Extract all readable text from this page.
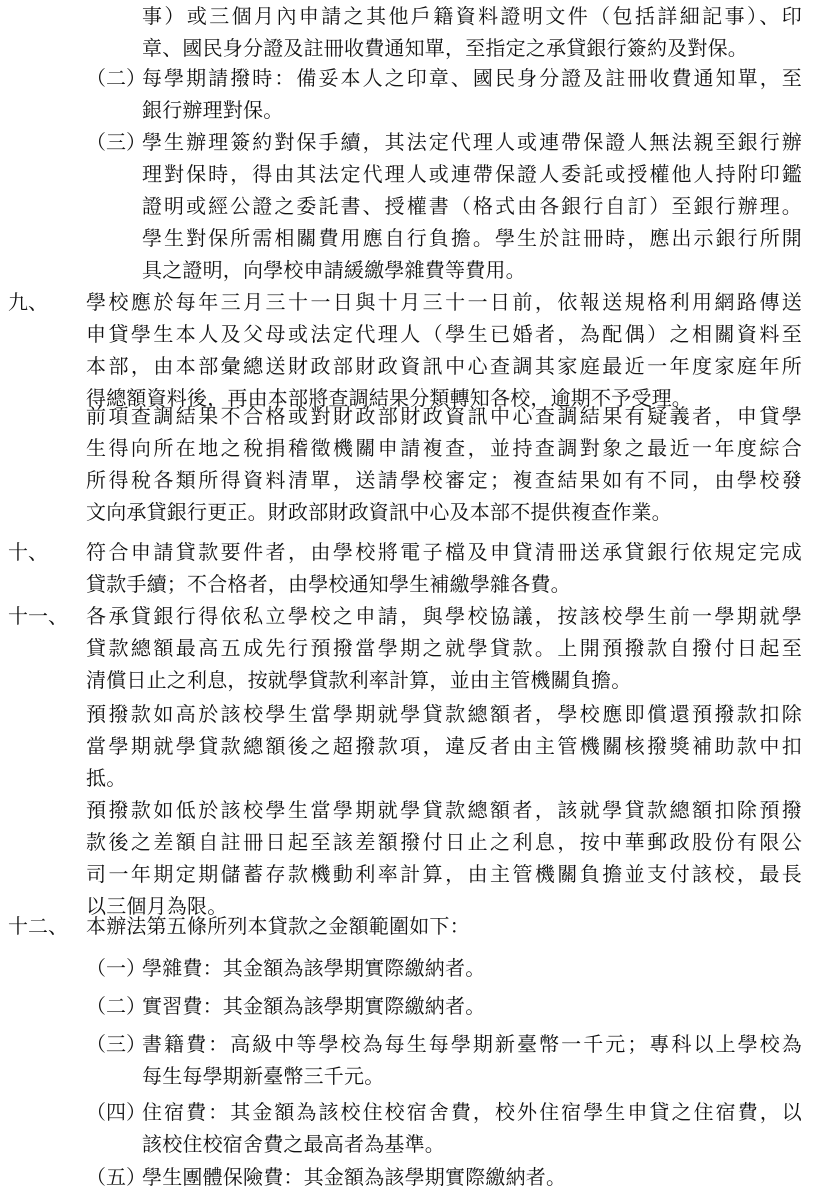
事）或三個月內申請之其他戶籍資料證明文件（包括詳細記事）、印
章、國民身分證及註冊收費通知單，至指定之承貸銀行簽約及對保。
（二）
每學期請撥時：備妥本人之印章、國民身分證及註冊收費通知單，至
銀行辦理對保。
（三）
學生辦理簽約對保手續，其法定代理人或連帶保證人無法親至銀行辦
理對保時，得由其法定代理人或連帶保證人委託或授權他人持附印鑑
證明或經公證之委託書、授權書（格式由各銀行自訂）至銀行辦理。
學生對保所需相關費用應自行負擔。學生於註冊時，應出示銀行所開
具之證明，向學校申請緩繳學雜費等費用。
九、 學校應於每年三月三十一日與十月三十一日前，依報送規格利用網路傳送
申貸學生本人及父母或法定代理人（學生已婚者，為配偶）之相關資料至
本部，由本部彙總送財政部財政資訊中心查調其家庭最近一年度家庭年所
得總額資料後，再由本部將查調結果分類轉知各校，逾期不予受理。
前項查調結果不合格或對財政部財政資訊中心查調結果有疑義者，申貸學
生得向所在地之稅捐稽徵機關申請複查，並持查調對象之最近一年度綜合
所得稅各類所得資料清單，送請學校審定；複查結果如有不同，由學校發
文向承貸銀行更正。財政部財政資訊中心及本部不提供複查作業。
十、 符合申請貸款要件者，由學校將電子檔及申貸清冊送承貸銀行依規定完成
貸款手續；不合格者，由學校通知學生補繳學雜各費。
十一、 各承貸銀行得依私立學校之申請，與學校協議，按該校學生前一學期就學
貸款總額最高五成先行預撥當學期之就學貸款。上開預撥款自撥付日起至
清償日止之利息，按就學貸款利率計算，並由主管機關負擔。
預撥款如高於該校學生當學期就學貸款總額者，學校應即償還預撥款扣除
當學期就學貸款總額後之超撥款項，違反者由主管機關核撥獎補助款中扣
抵。
預撥款如低於該校學生當學期就學貸款總額者，該就學貸款總額扣除預撥
款後之差額自註冊日起至該差額撥付日止之利息，按中華郵政股份有限公
司一年期定期儲蓄存款機動利率計算，由主管機關負擔並支付該校，最長
以三個月為限。
十二、 本辦法第五條所列本貸款之金額範圍如下：
（一）
學雜費：其金額為該學期實際繳納者。
（二）
實習費：其金額為該學期實際繳納者。
（三）
書籍費：高級中等學校為每生每學期新臺幣一千元；專科以上學校為
每生每學期新臺幣三千元。
（四）
住宿費：其金額為該校住校宿舍費，校外住宿學生申貸之住宿費，以
該校住校宿舍費之最高者為基準。
（五）
學生團體保險費：其金額為該學期實際繳納者。
